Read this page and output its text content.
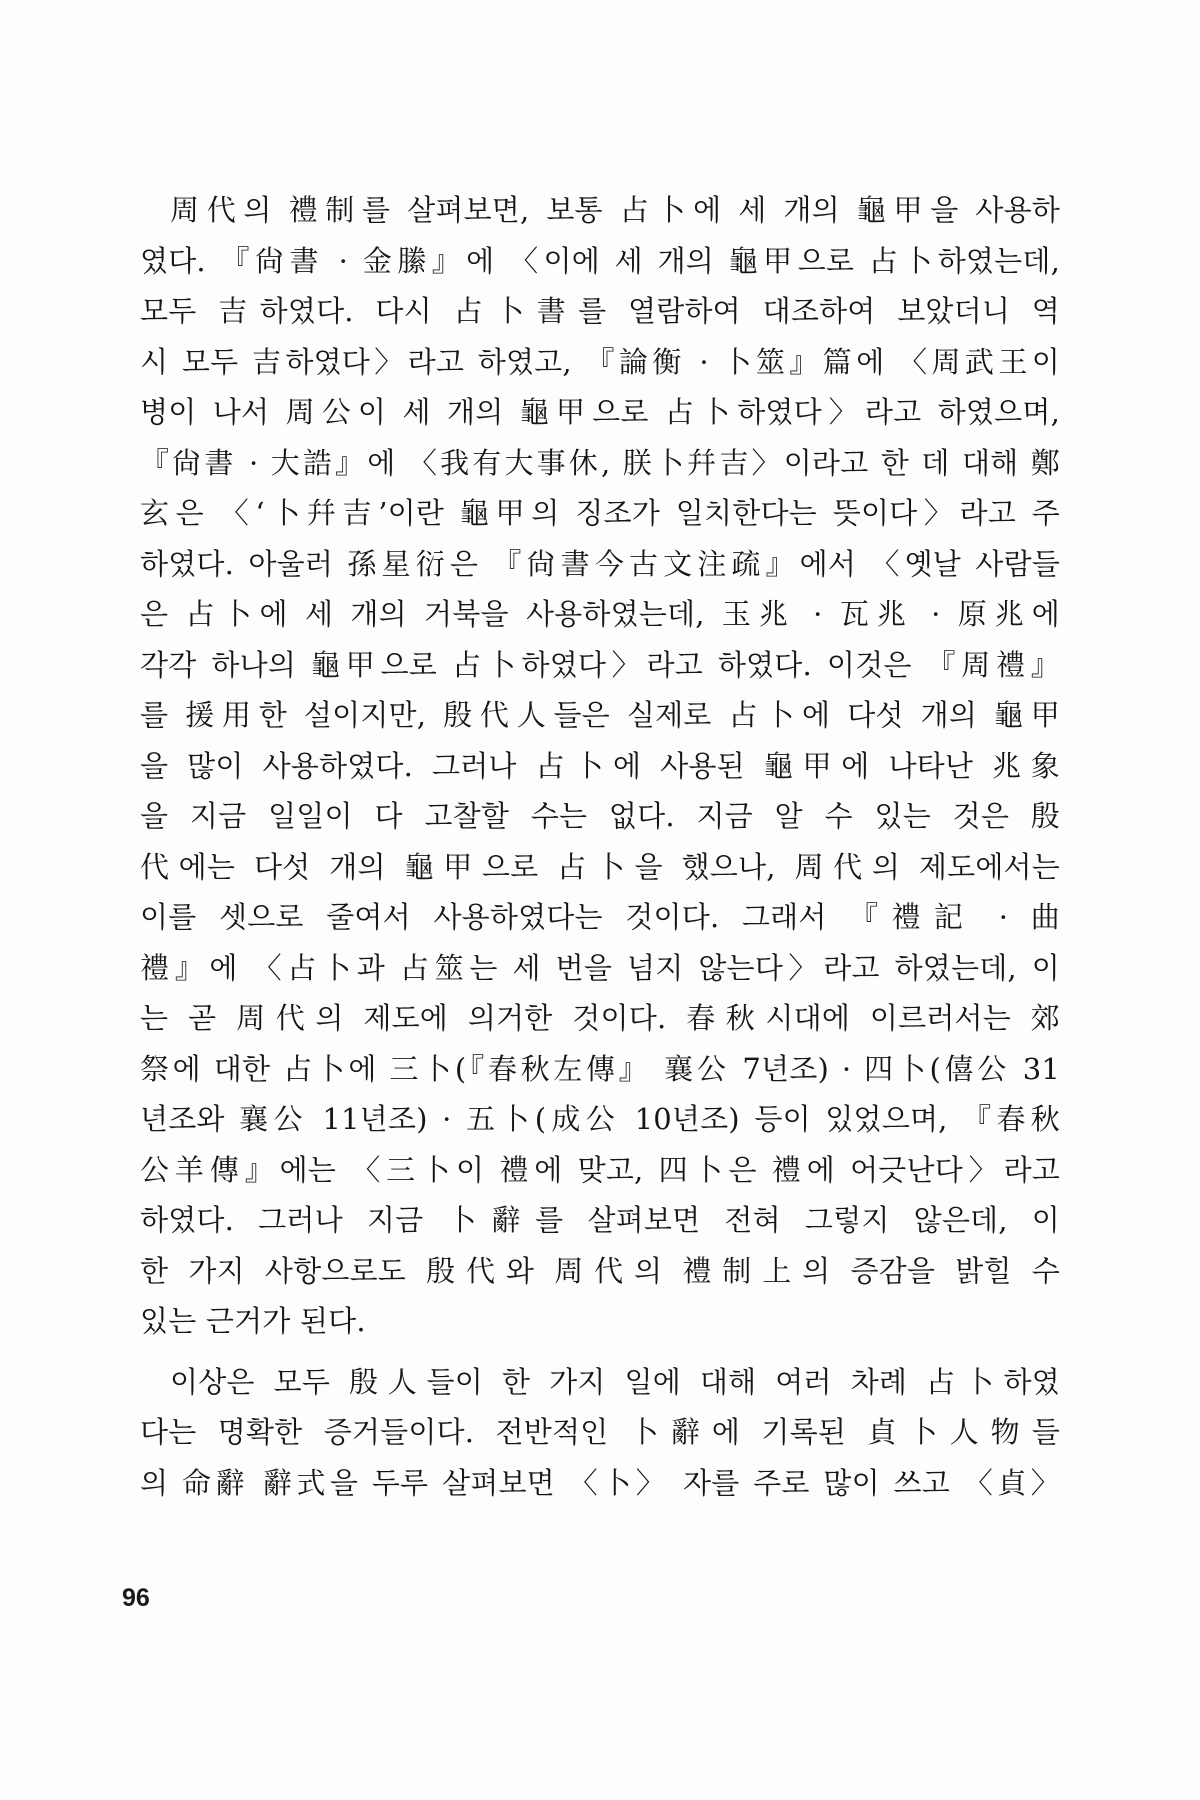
周代의 禮制를 살펴보면, 보통 占卜에 세 개의 龜甲을 사용하
였다. 『尙書 · 金縢』에 〈이에 세 개의 龜甲으로 占卜하였는데,
모두 吉하였다. 다시 占卜書를 열람하여 대조하여 보았더니 역
시 모두 吉하였다〉라고 하였고, 『論衡 · 卜筮』篇에 〈周武王이
병이 나서 周公이 세 개의 龜甲으로 占卜하였다〉라고 하였으며,
『尙書 · 大誥』에 〈我有大事休, 朕卜幷吉〉이라고 한 데 대해 鄭
玄은 〈‘卜幷吉’이란 龜甲의 징조가 일치한다는 뜻이다〉라고 주
하였다. 아울러 孫星衍은 『尙書今古文注疏』에서 〈옛날 사람들
은 占卜에 세 개의 거북을 사용하였는데, 玉兆 · 瓦兆 · 原兆에
각각 하나의 龜甲으로 占卜하였다〉라고 하였다. 이것은 『周禮』
를 援用한 설이지만, 殷代人들은 실제로 占卜에 다섯 개의 龜甲
을 많이 사용하였다. 그러나 占卜에 사용된 龜甲에 나타난 兆象
을 지금 일일이 다 고찰할 수는 없다. 지금 알 수 있는 것은 殷
代에는 다섯 개의 龜甲으로 占卜을 했으나, 周代의 제도에서는
이를 셋으로 줄여서 사용하였다는 것이다. 그래서 『禮記 · 曲
禮』에 〈占卜과 占筮는 세 번을 넘지 않는다〉라고 하였는데, 이
는 곧 周代의 제도에 의거한 것이다. 春秋시대에 이르러서는 郊
祭에 대한 占卜에 三卜(『春秋左傳』 襄公 7년조) · 四卜(僖公 31
년조와 襄公 11년조) · 五卜(成公 10년조) 등이 있었으며, 『春秋
公羊傳』에는 〈三卜이 禮에 맞고, 四卜은 禮에 어긋난다〉라고
하였다. 그러나 지금 卜辭를 살펴보면 전혀 그렇지 않은데, 이
한 가지 사항으로도 殷代와 周代의 禮制上의 증감을 밝힐 수
있는 근거가 된다.
이상은 모두 殷人들이 한 가지 일에 대해 여러 차례 占卜하였
다는 명확한 증거들이다. 전반적인 卜辭에 기록된 貞卜人物들
의 命辭 辭式을 두루 살펴보면 〈卜〉 자를 주로 많이 쓰고 〈貞〉
96
